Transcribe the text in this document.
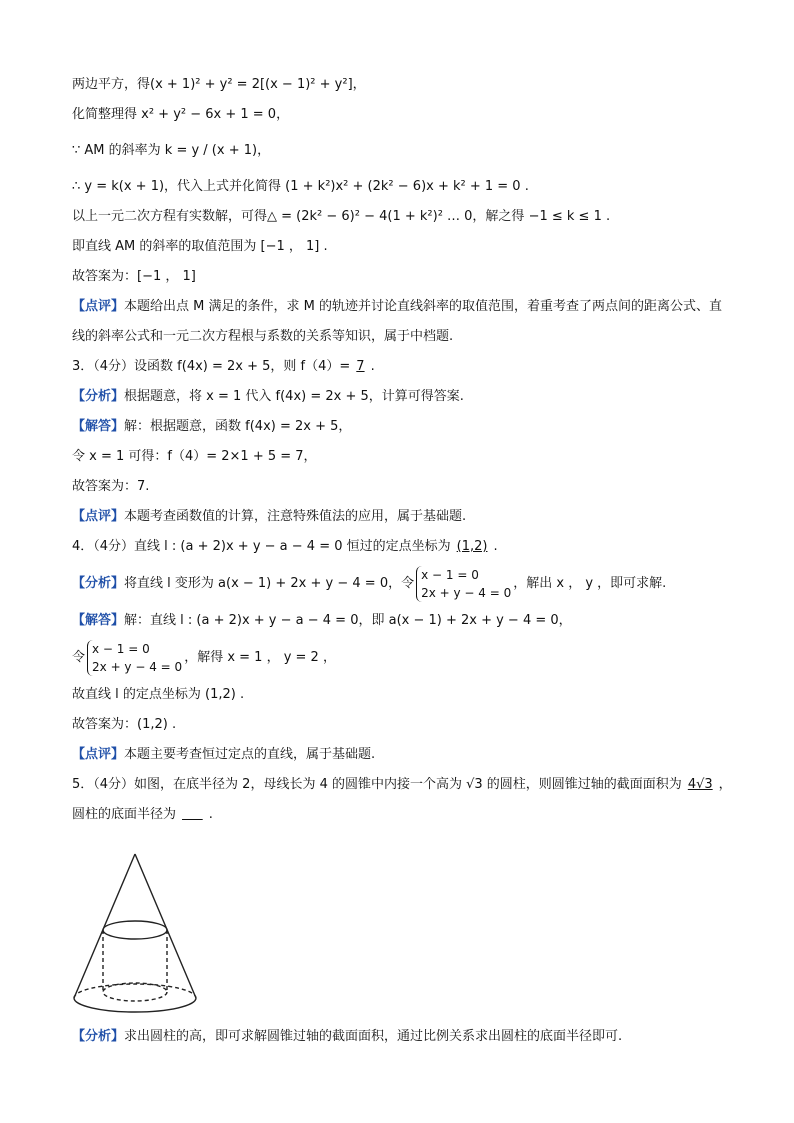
两边平方，得(x + 1)² + y² = 2[(x − 1)² + y²]，
化简整理得 x² + y² − 6x + 1 = 0，
∵ AM 的斜率为 k = y / (x + 1)，
∴ y = k(x + 1)，代入上式并化简得 (1 + k²)x² + (2k² − 6)x + k² + 1 = 0 .
以上一元二次方程有实数解，可得△ = (2k² − 6)² − 4(1 + k²)² … 0，解之得 −1 ≤ k ≤ 1 .
即直线 AM 的斜率的取值范围为 [−1 ， 1] .
故答案为：[−1 ， 1]
【点评】本题给出点 M 满足的条件，求 M 的轨迹并讨论直线斜率的取值范围，着重考查了两点间的距离公式、直线的斜率公式和一元二次方程根与系数的关系等知识，属于中档题.
3．（4分）设函数 f(4x) = 2x + 5，则 f（4）= 7 .
【分析】根据题意，将 x = 1 代入 f(4x) = 2x + 5，计算可得答案.
【解答】解：根据题意，函数 f(4x) = 2x + 5，
令 x = 1 可得：f（4）= 2×1 + 5 = 7，
故答案为：7.
【点评】本题考查函数值的计算，注意特殊值法的应用，属于基础题.
4．（4分）直线 l : (a + 2)x + y − a − 4 = 0 恒过的定点坐标为 (1,2) .
【分析】将直线 l 变形为 a(x − 1) + 2x + y − 4 = 0，令
x − 1 = 0
2x + y − 4 = 0
，解出 x ， y ，即可求解.
【解答】解：直线 l : (a + 2)x + y − a − 4 = 0，即 a(x − 1) + 2x + y − 4 = 0，
令
x − 1 = 0
2x + y − 4 = 0
，解得 x = 1 ， y = 2 ，
故直线 l 的定点坐标为 (1,2) .
故答案为：(1,2) .
【点评】本题主要考查恒过定点的直线，属于基础题.
5．（4分）如图，在底半径为 2，母线长为 4 的圆锥中内接一个高为 √3 的圆柱，则圆锥过轴的截面面积为 4√3 ，圆柱的底面半径为	.
【分析】求出圆柱的高，即可求解圆锥过轴的截面面积，通过比例关系求出圆柱的底面半径即可.
